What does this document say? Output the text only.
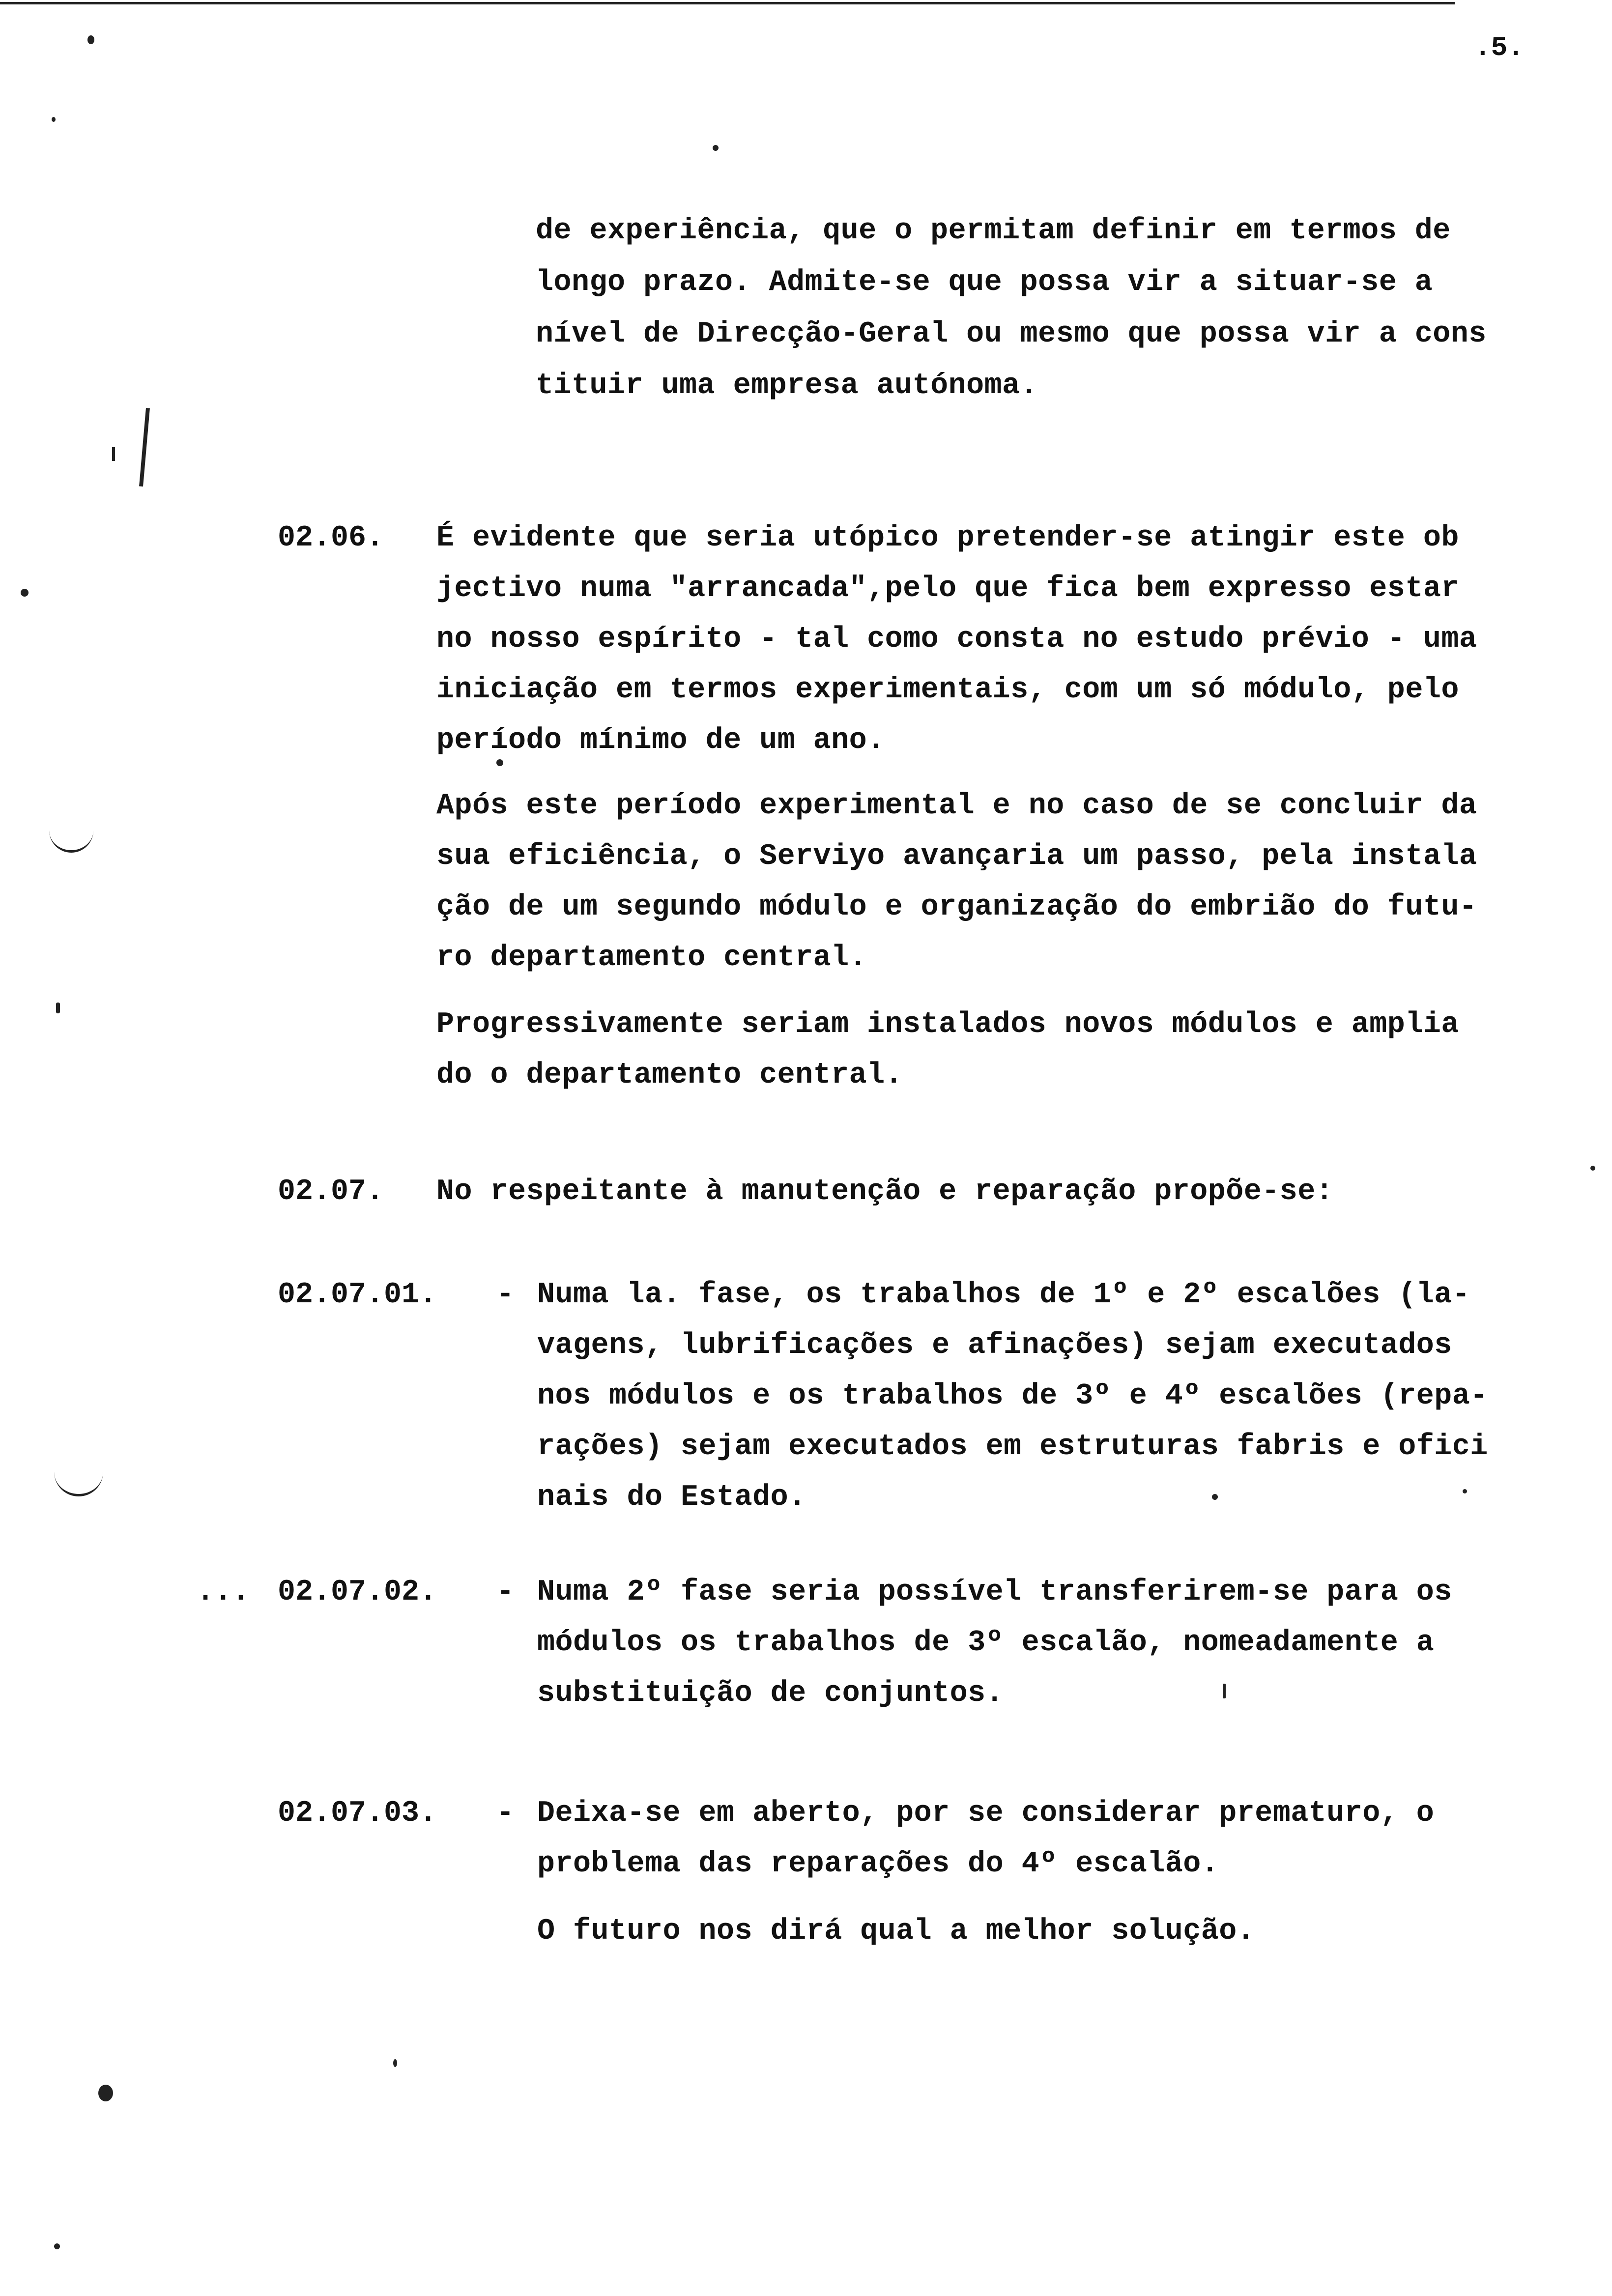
.5.
de experiência, que o permitam definir em termos de
longo prazo. Admite-se que possa vir a situar-se a
nível de Direcção-Geral ou mesmo que possa vir a cons
tituir uma empresa autónoma.
02.06. É evidente que seria utópico pretender-se atingir este ob
jectivo numa "arrancada",pelo que fica bem expresso estar
no nosso espírito - tal como consta no estudo prévio - uma
iniciação em termos experimentais, com um só módulo, pelo
período mínimo de um ano.
Após este período experimental e no caso de se concluir da
sua eficiência, o Serviyo avançaria um passo, pela instala
ção de um segundo módulo e organização do embrião do futu-
ro departamento central.
Progressivamente seriam instalados novos módulos e amplia
do o departamento central.
02.07. No respeitante à manutenção e reparação propõe-se:
02.07.01. - Numa la. fase, os trabalhos de 1º e 2º escalões (la-
vagens, lubrificações e afinações) sejam executados
nos módulos e os trabalhos de 3º e 4º escalões (repa-
rações) sejam executados em estruturas fabris e ofici
nais do Estado.
... 02.07.02. - Numa 2º fase seria possível transferirem-se para os
módulos os trabalhos de 3º escalão, nomeadamente a
substituição de conjuntos.
02.07.03. - Deixa-se em aberto, por se considerar prematuro, o
problema das reparações do 4º escalão.
O futuro nos dirá qual a melhor solução.
